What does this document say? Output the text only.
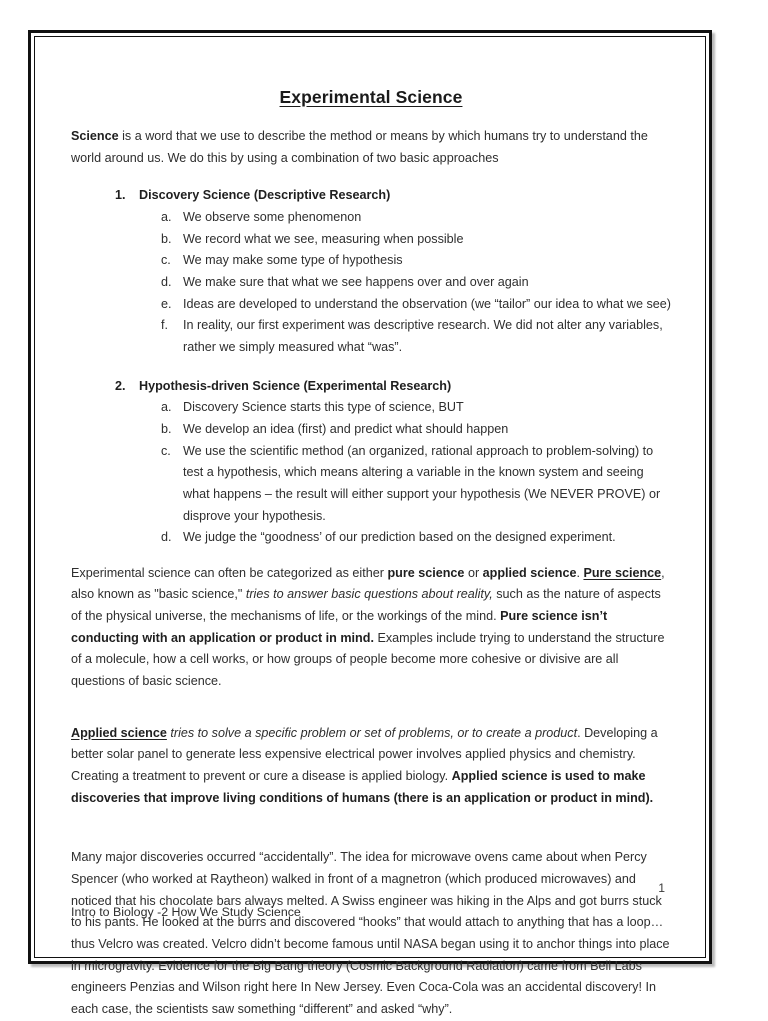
Experimental Science

Science is a word that we use to describe the method or means by which humans try to understand the world around us. We do this by using a combination of two basic approaches

1. Discovery Science (Descriptive Research)
a. We observe some phenomenon
b. We record what we see, measuring when possible
c. We may make some type of hypothesis
d. We make sure that what we see happens over and over again
e. Ideas are developed to understand the observation (we “tailor” our idea to what we see)
f. In reality, our first experiment was descriptive research. We did not alter any variables, rather we simply measured what “was”.
2. Hypothesis-driven Science (Experimental Research)
a. Discovery Science starts this type of science, BUT
b. We develop an idea (first) and predict what should happen
c. We use the scientific method (an organized, rational approach to problem-solving) to test a hypothesis, which means altering a variable in the known system and seeing what happens – the result will either support your hypothesis (We NEVER PROVE) or disprove your hypothesis.
d. We judge the “goodness’ of our prediction based on the designed experiment.

Experimental science can often be categorized as either pure science or applied science. Pure science, also known as "basic science," tries to answer basic questions about reality, such as the nature of aspects of the physical universe, the mechanisms of life, or the workings of the mind. Pure science isn’t conducting with an application or product in mind. Examples include trying to understand the structure of a molecule, how a cell works, or how groups of people become more cohesive or divisive are all questions of basic science.

Applied science tries to solve a specific problem or set of problems, or to create a product. Developing a better solar panel to generate less expensive electrical power involves applied physics and chemistry. Creating a treatment to prevent or cure a disease is applied biology. Applied science is used to make discoveries that improve living conditions of humans (there is an application or product in mind).

Many major discoveries occurred “accidentally”. The idea for microwave ovens came about when Percy Spencer (who worked at Raytheon) walked in front of a magnetron (which produced microwaves) and noticed that his chocolate bars always melted. A Swiss engineer was hiking in the Alps and got burrs stuck to his pants. He looked at the burrs and discovered “hooks” that would attach to anything that has a loop…thus Velcro was created. Velcro didn’t become famous until NASA began using it to anchor things into place in microgravity. Evidence for the Big Bang theory (Cosmic Background Radiation) came from Bell Labs engineers Penzias and Wilson right here In New Jersey. Even Coca-Cola was an accidental discovery! In each case, the scientists saw something “different” and asked “why”.

1
Intro to Biology -2 How We Study Science
